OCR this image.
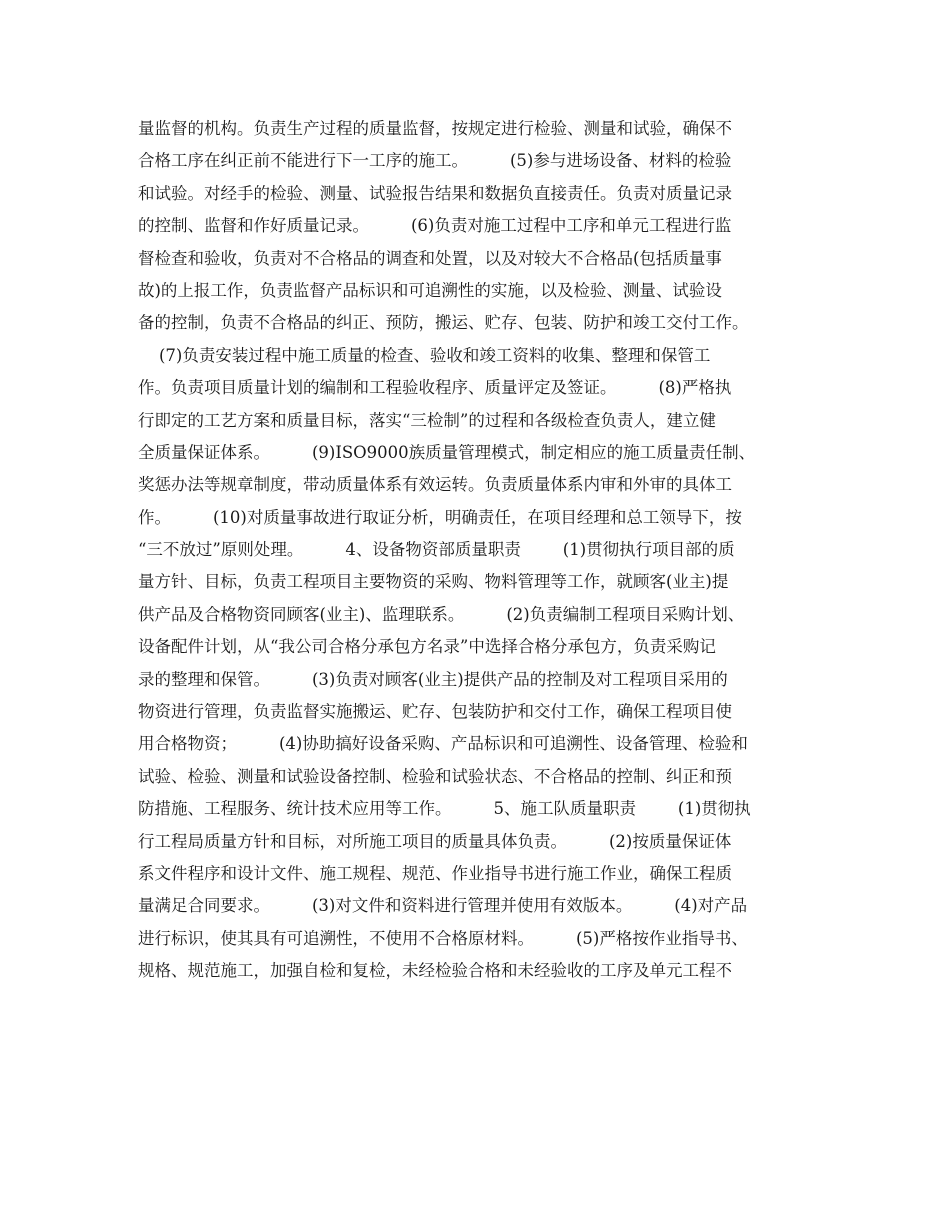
量监督的机构。负责生产过程的质量监督，按规定进行检验、测量和试验，确保不
合格工序在纠正前不能进行下一工序的施工。        (5)参与进场设备、材料的检验
和试验。对经手的检验、测量、试验报告结果和数据负直接责任。负责对质量记录
的控制、监督和作好质量记录。        (6)负责对施工过程中工序和单元工程进行监
督检查和验收，负责对不合格品的调查和处置，以及对较大不合格品(包括质量事
故)的上报工作，负责监督产品标识和可追溯性的实施，以及检验、测量、试验设
备的控制，负责不合格品的纠正、预防，搬运、贮存、包装、防护和竣工交付工作。
(7)负责安装过程中施工质量的检查、验收和竣工资料的收集、整理和保管工
作。负责项目质量计划的编制和工程验收程序、质量评定及签证。        (8)严格执
行即定的工艺方案和质量目标，落实“三检制”的过程和各级检查负责人，建立健
全质量保证体系。        (9)ISO9000族质量管理模式，制定相应的施工质量责任制、
奖惩办法等规章制度，带动质量体系有效运转。负责质量体系内审和外审的具体工
作。        (10)对质量事故进行取证分析，明确责任，在项目经理和总工领导下，按
“三不放过”原则处理。        4、设备物资部质量职责        (1)贯彻执行项目部的质
量方针、目标，负责工程项目主要物资的采购、物料管理等工作，就顾客(业主)提
供产品及合格物资同顾客(业主)、监理联系。        (2)负责编制工程项目采购计划、
设备配件计划，从“我公司合格分承包方名录”中选择合格分承包方，负责采购记
录的整理和保管。        (3)负责对顾客(业主)提供产品的控制及对工程项目采用的
物资进行管理，负责监督实施搬运、贮存、包装防护和交付工作，确保工程项目使
用合格物资；        (4)协助搞好设备采购、产品标识和可追溯性、设备管理、检验和
试验、检验、测量和试验设备控制、检验和试验状态、不合格品的控制、纠正和预
防措施、工程服务、统计技术应用等工作。        5、施工队质量职责        (1)贯彻执
行工程局质量方针和目标，对所施工项目的质量具体负责。        (2)按质量保证体
系文件程序和设计文件、施工规程、规范、作业指导书进行施工作业，确保工程质
量满足合同要求。        (3)对文件和资料进行管理并使用有效版本。        (4)对产品
进行标识，使其具有可追溯性，不使用不合格原材料。        (5)严格按作业指导书、
规格、规范施工，加强自检和复检，未经检验合格和未经验收的工序及单元工程不
